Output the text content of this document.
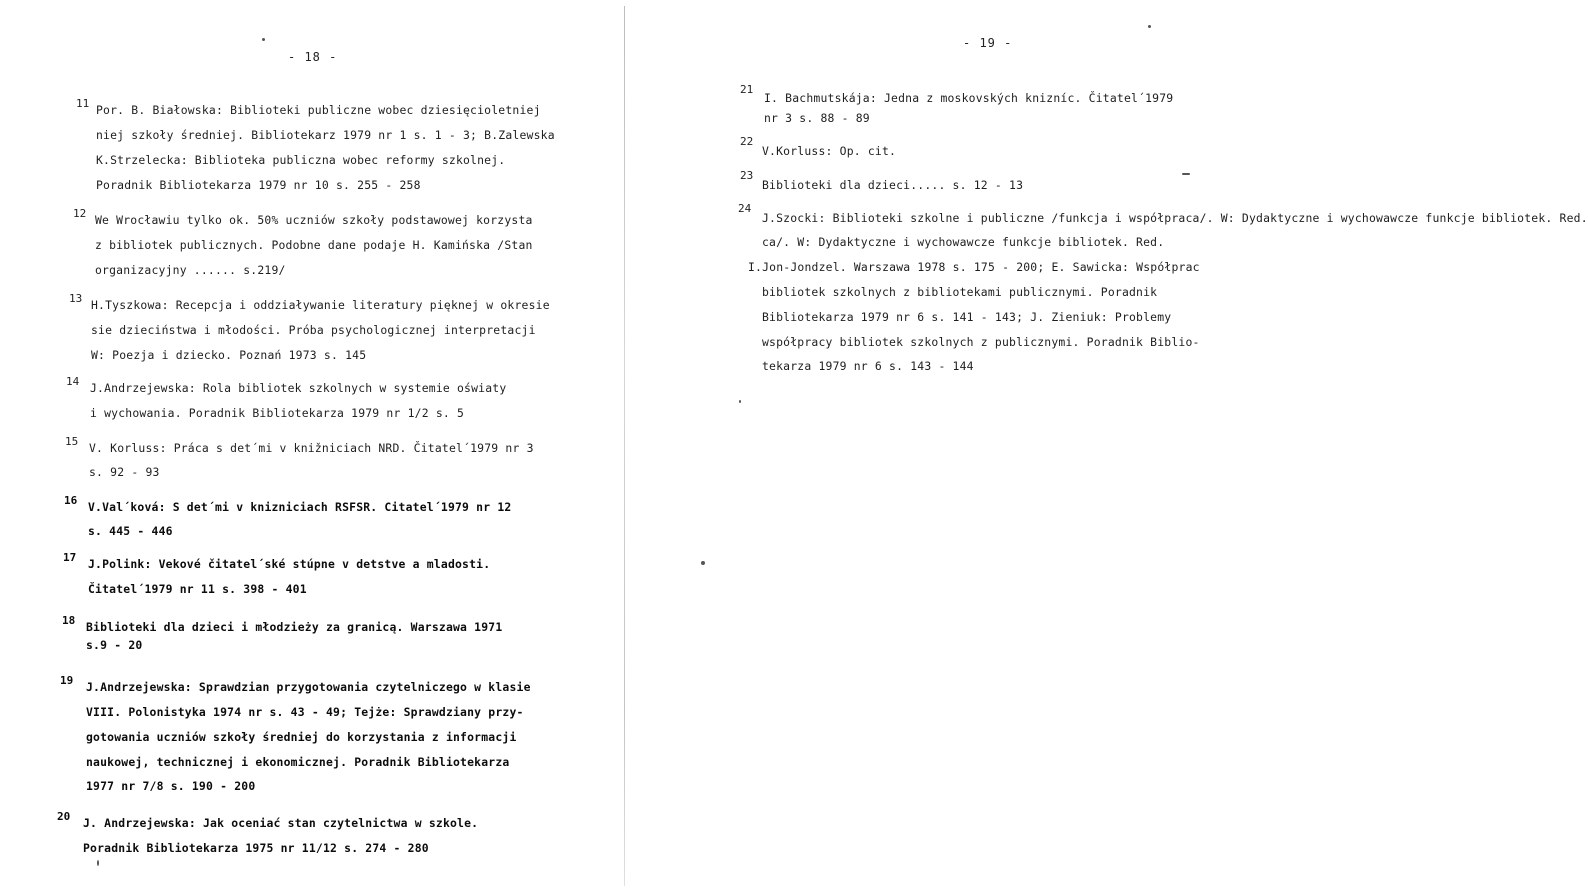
- 18 -
11 Por. B. Białowska: Biblioteki publiczne wobec dziesięcioletniej
niej szkoły średniej. Bibliotekarz 1979 nr 1 s. 1 - 3; B.Zalewska
K.Strzelecka: Biblioteka publiczna wobec reformy szkolnej.
Poradnik Bibliotekarza 1979 nr 10 s. 255 - 258
12 We Wrocławiu tylko ok. 50% uczniów szkoły podstawowej korzysta
z bibliotek publicznych. Podobne dane podaje H. Kamińska /Stan
organizacyjny ...... s.219/
13 H.Tyszkowa: Recepcja i oddziaływanie literatury pięknej w okresie
sie dzieciństwa i młodości. Próba psychologicznej interpretacji
W: Poezja i dziecko. Poznań 1973 s. 145
14 J.Andrzejewska: Rola bibliotek szkolnych w systemie oświaty
i wychowania. Poradnik Bibliotekarza 1979 nr 1/2 s. 5
15 V. Korluss: Práca s det´mi v knižniciach NRD. Čitatel´1979 nr 3
s. 92 - 93
16 V.Val´ková: S det´mi v knizniciach RSFSR. Citatel´1979 nr 12
s. 445 - 446
17 J.Polink: Vekové čitatel´ské stúpne v detstve a mladosti.
Čitatel´1979 nr 11 s. 398 - 401
18 Biblioteki dla dzieci i młodzieży za granicą. Warszawa 1971
s.9 - 20
19 J.Andrzejewska: Sprawdzian przygotowania czytelniczego w klasie
VIII. Polonistyka 1974 nr s. 43 - 49; Tejże: Sprawdziany przy-
gotowania uczniów szkoły średniej do korzystania z informacji
naukowej, technicznej i ekonomicznej. Poradnik Bibliotekarza
1977 nr 7/8 s. 190 - 200
20 J. Andrzejewska: Jak oceniać stan czytelnictwa w szkole.
Poradnik Bibliotekarza 1975 nr 11/12 s. 274 - 280
- 19 -
21
I. Bachmutskája: Jedna z moskovských knizníc. Čitatel´1979
nr 3 s. 88 - 89
22
V.Korluss: Op. cit.
23
Biblioteki dla dzieci..... s. 12 - 13
24
J.Szocki: Biblioteki szkolne i publiczne /funkcja i współpraca/. W: Dydaktyczne i wychowawcze funkcje bibliotek. Red.
ca/. W: Dydaktyczne i wychowawcze funkcje bibliotek. Red.
I.Jon-Jondzel. Warszawa 1978 s. 175 - 200; E. Sawicka: Współprac
bibliotek szkolnych z bibliotekami publicznymi. Poradnik
Bibliotekarza 1979 nr 6 s. 141 - 143; J. Zieniuk: Problemy
współpracy bibliotek szkolnych z publicznymi. Poradnik Biblio-
tekarza 1979 nr 6 s. 143 - 144
